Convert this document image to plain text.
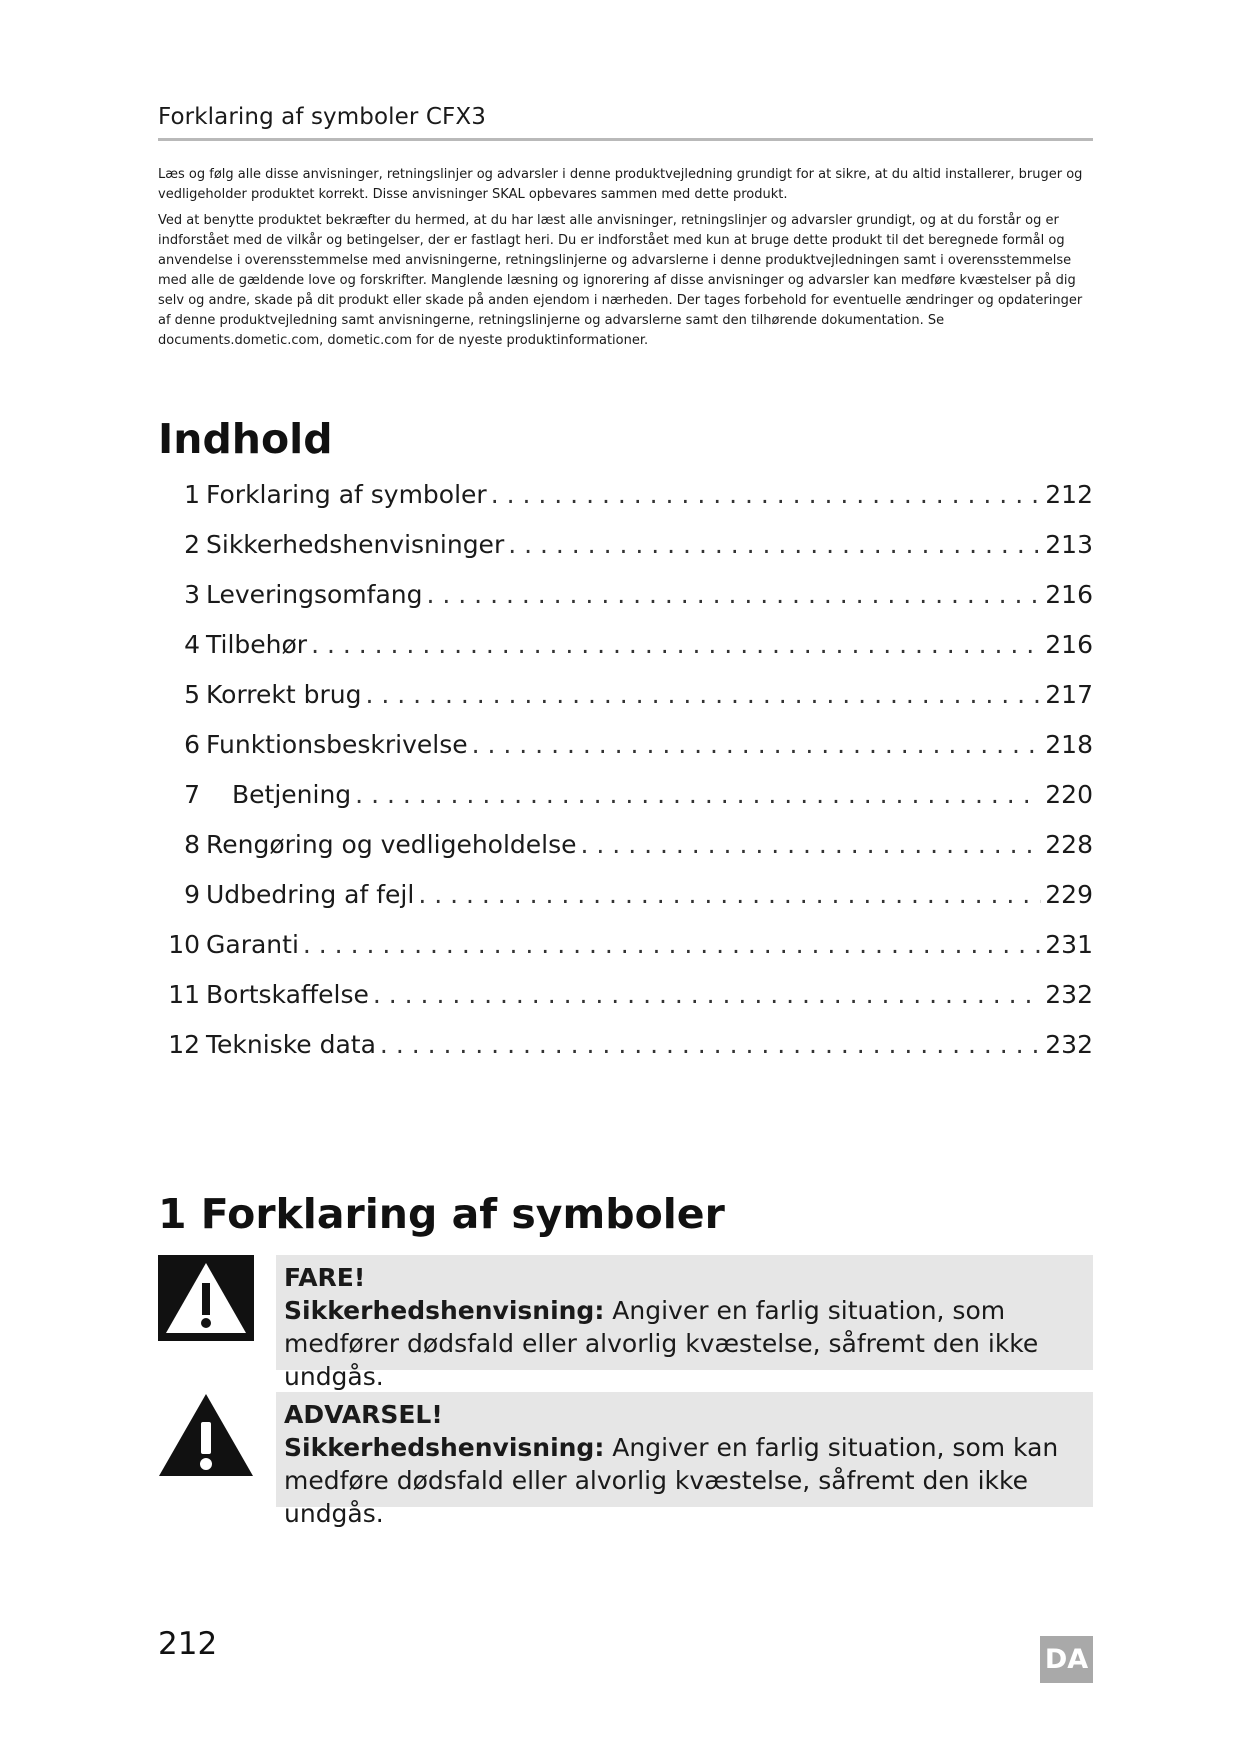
Forklaring af symboler CFX3

Læs og følg alle disse anvisninger, retningslinjer og advarsler i denne produktvejledning grundigt for at sikre, at du altid installerer, bruger og vedligeholder produktet korrekt. Disse anvisninger SKAL opbevares sammen med dette produkt.

Ved at benytte produktet bekræfter du hermed, at du har læst alle anvisninger, retningslinjer og advarsler grundigt, og at du forstår og er indforstået med de vilkår og betingelser, der er fastlagt heri. Du er indforstået med kun at bruge dette produkt til det beregnede formål og anvendelse i overensstemmelse med anvisningerne, retningslinjerne og advarslerne i denne produktvejledningen samt i overensstemmelse med alle de gældende love og forskrifter. Manglende læsning og ignorering af disse anvisninger og advarsler kan medføre kvæstelser på dig selv og andre, skade på dit produkt eller skade på anden ejendom i nærheden. Der tages forbehold for eventuelle ændringer og opdateringer af denne produktvejledning samt anvisningerne, retningslinjerne og advarslerne samt den tilhørende dokumentation. Se documents.dometic.com, dometic.com for de nyeste produktinformationer.

Indhold
1 Forklaring af symboler . . .	212
2 Sikkerhedshenvisninger . . .	213
3 Leveringsomfang . . .	216
4 Tilbehør . . .	216
5 Korrekt brug . . .	217
6 Funktionsbeskrivelse . . .	218
7 Betjening . . .	220
8 Rengøring og vedligeholdelse . . .	228
9 Udbedring af fejl . . .	229
10 Garanti . . .	231
11 Bortskaffelse . . .	232
12 Tekniske data . . .	232
1 Forklaring af symboler
FARE!
Sikkerhedshenvisning: Angiver en farlig situation, som medfører dødsfald eller alvorlig kvæstelse, såfremt den ikke undgås.
ADVARSEL!
Sikkerhedshenvisning: Angiver en farlig situation, som kan medføre dødsfald eller alvorlig kvæstelse, såfremt den ikke undgås.
212	DA
